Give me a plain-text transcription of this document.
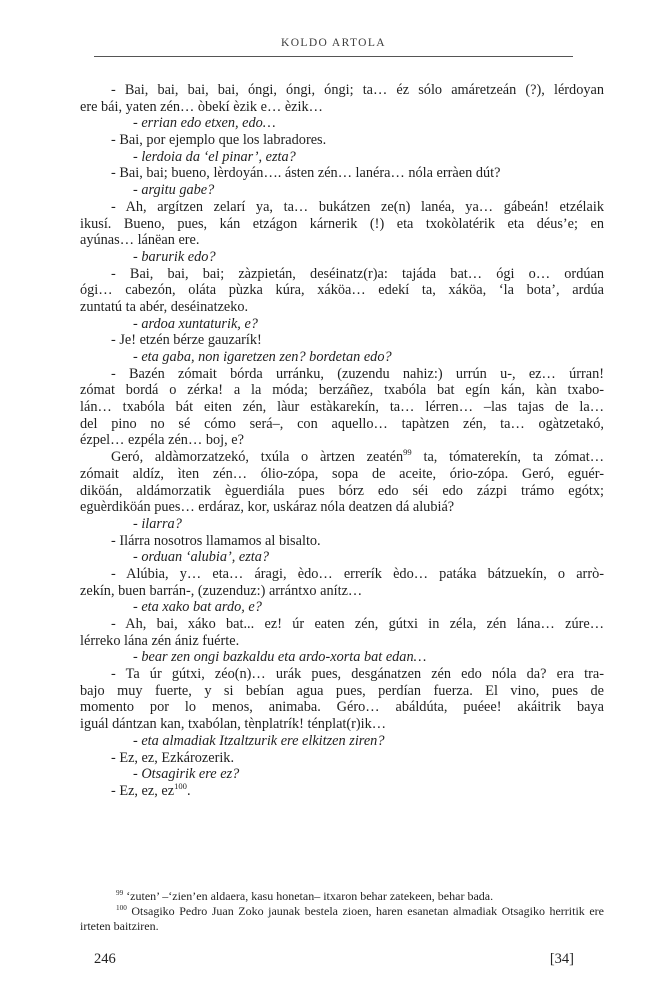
KOLDO ARTOLA
- Bai, bai, bai, bai, óngi, óngi, óngi; ta… éz sólo amáretzeán (?), lérdoyan
ere bái, yaten zén… òbekí èzik e… èzik…
- errian edo etxen, edo…
- Bai, por ejemplo que los labradores.
- lerdoia da ‘el pinar’, ezta?
- Bai, bai; bueno, lèrdoyán…. ásten zén… lanéra… nóla erràen dút?
- argitu gabe?
- Ah, argítzen zelarí ya, ta… bukátzen ze(n) lanéa, ya… gábeán! etzélaik
ikusí. Bueno, pues, kán etzágon kárnerik (!) eta txokòlatérik eta déus’e; en
ayúnas… lánëan ere.
- barurik edo?
- Bai, bai, bai; zàzpietán, deséinatz(r)a: tajáda bat… ógi o… ordúan
ógi… cabezón, oláta pùzka kúra, xáköa… edekí ta, xáköa, ‘la bota’, ardúa
zuntatú ta abér, deséinatzeko.
- ardoa xuntaturik, e?
- Je! etzén bérze gauzarík!
- eta gaba, non igaretzen zen? bordetan edo?
- Bazén zómait bórda urránku, (zuzendu nahiz:) urrún u-, ez… úrran!
zómat bordá o zérka! a la móda; berzáñez, txabóla bat egín kán, kàn txabo-
lán… txabóla bát eiten zén, làur estàkarekín, ta… lérren… –las tajas de la…
del pino no sé cómo será–, con aquello… tapàtzen zén, ta… ogàtzetakó,
ézpel… ezpéla zén… boj, e?
Geró, aldàmorzatzekó, txúla o àrtzen zeatén$^{99}$ ta, tómaterekín, ta zómat…
zómait aldíz, ìten zén… ólio-zópa, sopa de aceite, ório-zópa. Geró, eguér-
diköán, aldámorzatik èguerdiála pues bórz edo séi edo zázpi trámo egótx;
eguèrdiköán pues… erdáraz, kor, uskáraz nóla deatzen dá alubiá?
- ilarra?
- Ilárra nosotros llamamos al bisalto.
- orduan ‘alubia’, ezta?
- Alúbia, y… eta… áragi, èdo… errerík èdo… patáka bátzuekín, o arrò-
zekín, buen barrán-, (zuzenduz:) arrántxo anítz…
- eta xako bat ardo, e?
- Ah, bai, xáko bat... ez! úr eaten zén, gútxi in zéla, zén lána… zúre…
lérreko lána zén ániz fuérte.
- bear zen ongi bazkaldu eta ardo-xorta bat edan…
- Ta úr gútxi, zéo(n)… urák pues, desgánatzen zén edo nóla da? era tra-
bajo muy fuerte, y si bebían agua pues, perdían fuerza. El vino, pues de
momento por lo menos, animaba. Géro… abáldúta, puéee! akáitrik baya
iguál dántzan kan, txabólan, tènplatrík! ténplat(r)ik…
- eta almadiak Itzaltzurik ere elkitzen ziren?
- Ez, ez, Ezkározerik.
- Otsagirik ere ez?
- Ez, ez, $ez^{100}$.
$^{99}$ ‘zuten’ –‘zien’en aldaera, kasu honetan– itxaron behar zatekeen, behar bada.
$^{100}$ Otsagiko Pedro Juan Zoko jaunak bestela zioen, haren esanetan almadiak Otsagiko herritik ere
irteten baitziren.
246	[34]
